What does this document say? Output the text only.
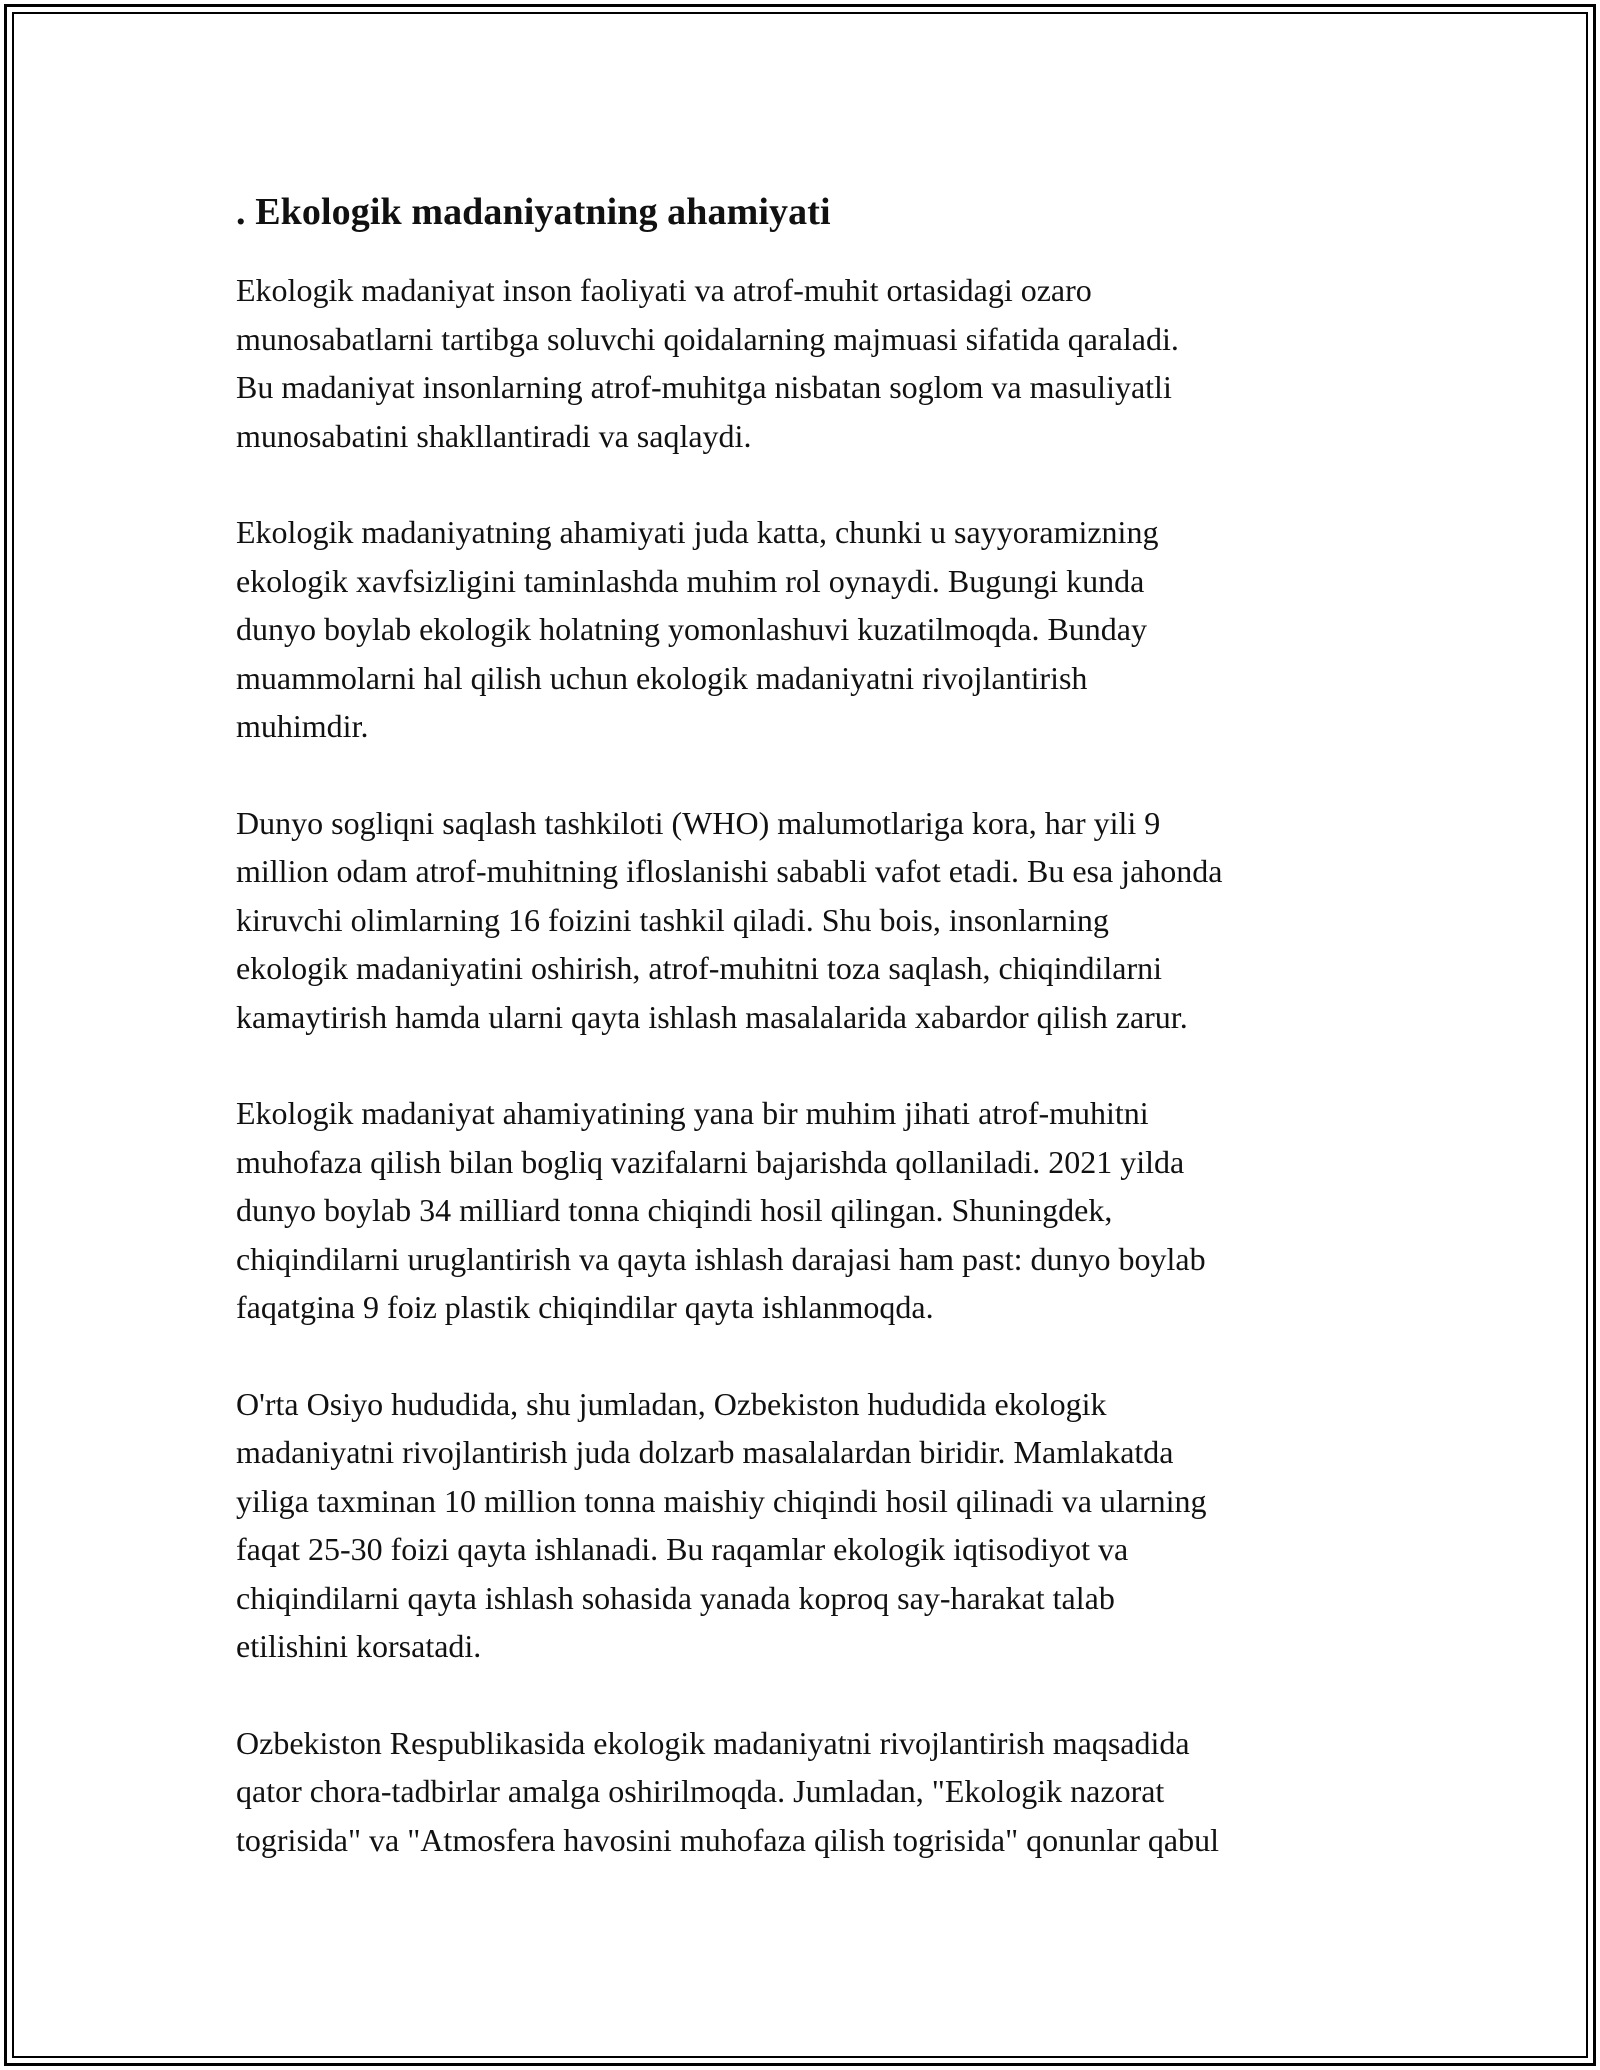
. Ekologik madaniyatning ahamiyati

Ekologik madaniyat inson faoliyati va atrof-muhit ortasidagi ozaro
munosabatlarni tartibga soluvchi qoidalarning majmuasi sifatida qaraladi.
Bu madaniyat insonlarning atrof-muhitga nisbatan soglom va masuliyatli
munosabatini shakllantiradi va saqlaydi.

Ekologik madaniyatning ahamiyati juda katta, chunki u sayyoramizning
ekologik xavfsizligini taminlashda muhim rol oynaydi. Bugungi kunda
dunyo boylab ekologik holatning yomonlashuvi kuzatilmoqda. Bunday
muammolarni hal qilish uchun ekologik madaniyatni rivojlantirish
muhimdir.

Dunyo sogliqni saqlash tashkiloti (WHO) malumotlariga kora, har yili 9
million odam atrof-muhitning ifloslanishi sababli vafot etadi. Bu esa jahonda
kiruvchi olimlarning 16 foizini tashkil qiladi. Shu bois, insonlarning
ekologik madaniyatini oshirish, atrof-muhitni toza saqlash, chiqindilarni
kamaytirish hamda ularni qayta ishlash masalalarida xabardor qilish zarur.

Ekologik madaniyat ahamiyatining yana bir muhim jihati atrof-muhitni
muhofaza qilish bilan bogliq vazifalarni bajarishda qollaniladi. 2021 yilda
dunyo boylab 34 milliard tonna chiqindi hosil qilingan. Shuningdek,
chiqindilarni uruglantirish va qayta ishlash darajasi ham past: dunyo boylab
faqatgina 9 foiz plastik chiqindilar qayta ishlanmoqda.

O'rta Osiyo hududida, shu jumladan, Ozbekiston hududida ekologik
madaniyatni rivojlantirish juda dolzarb masalalardan biridir. Mamlakatda
yiliga taxminan 10 million tonna maishiy chiqindi hosil qilinadi va ularning
faqat 25-30 foizi qayta ishlanadi. Bu raqamlar ekologik iqtisodiyot va
chiqindilarni qayta ishlash sohasida yanada koproq say-harakat talab
etilishini korsatadi.

Ozbekiston Respublikasida ekologik madaniyatni rivojlantirish maqsadida
qator chora-tadbirlar amalga oshirilmoqda. Jumladan, "Ekologik nazorat
togrisida" va "Atmosfera havosini muhofaza qilish togrisida" qonunlar qabul
